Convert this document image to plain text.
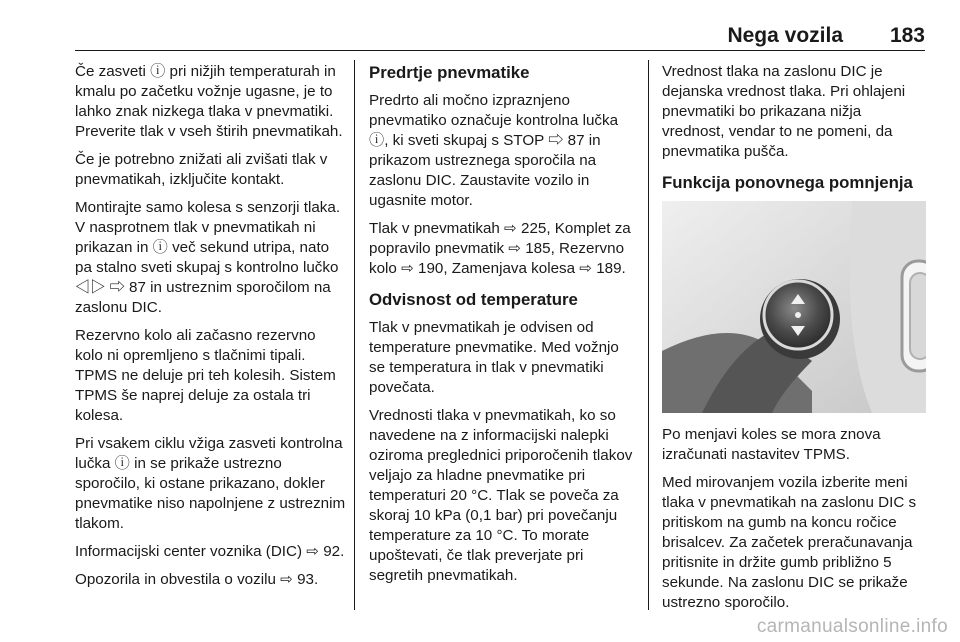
Nega vozila 183

Če zasveti ⓘ pri nižjih temperaturah in kmalu po začetku vožnje ugasne, je to lahko znak nizkega tlaka v pnevmatiki. Preverite tlak v vseh štirih pnevmatikah.

Če je potrebno znižati ali zvišati tlak v pnevmatikah, izključite kontakt.

Montirajte samo kolesa s senzorji tlaka. V nasprotnem tlak v pnevmatikah ni prikazan in ⓘ več sekund utripa, nato pa stalno sveti skupaj s kontrolno lučko ◁▷ ⇨ 87 in ustreznim sporočilom na zaslonu DIC.

Rezervno kolo ali začasno rezervno kolo ni opremljeno s tlačnimi tipali. TPMS ne deluje pri teh kolesih. Sistem TPMS še naprej deluje za ostala tri kolesa.

Pri vsakem ciklu vžiga zasveti kontrolna lučka ⓘ in se prikaže ustrezno sporočilo, ki ostane prikazano, dokler pnevmatike niso napolnjene z ustreznim tlakom.

Informacijski center voznika (DIC) ⇨ 92.

Opozorila in obvestila o vozilu ⇨ 93.

Predrtje pnevmatike

Predrto ali močno izpraznjeno pnevmatiko označuje kontrolna lučka ⓘ, ki sveti skupaj s STOP ⇨ 87 in prikazom ustreznega sporočila na zaslonu DIC. Zaustavite vozilo in ugasnite motor.

Tlak v pnevmatikah ⇨ 225, Komplet za popravilo pnevmatik ⇨ 185, Rezervno kolo ⇨ 190, Zamenjava kolesa ⇨ 189.

Odvisnost od temperature

Tlak v pnevmatikah je odvisen od temperature pnevmatike. Med vožnjo se temperatura in tlak v pnevmatiki povečata.

Vrednosti tlaka v pnevmatikah, ko so navedene na z informacijski nalepki oziroma preglednici priporočenih tlakov veljajo za hladne pnevmatike pri temperaturi 20 °C. Tlak se poveča za skoraj 10 kPa (0,1 bar) pri povečanju temperature za 10 °C. To morate upoštevati, če tlak preverjate pri segretih pnevmatikah.

Vrednost tlaka na zaslonu DIC je dejanska vrednost tlaka. Pri ohlajeni pnevmatiki bo prikazana nižja vrednost, vendar to ne pomeni, da pnevmatika pušča.

Funkcija ponovnega pomnjenja

Po menjavi koles se mora znova izračunati nastavitev TPMS.

Med mirovanjem vozila izberite meni tlaka v pnevmatikah na zaslonu DIC s pritiskom na gumb na koncu ročice brisalcev. Za začetek preračunavanja pritisnite in držite gumb približno 5 sekunde. Na zaslonu DIC se prikaže ustrezno sporočilo.

carmanualsonline.info
